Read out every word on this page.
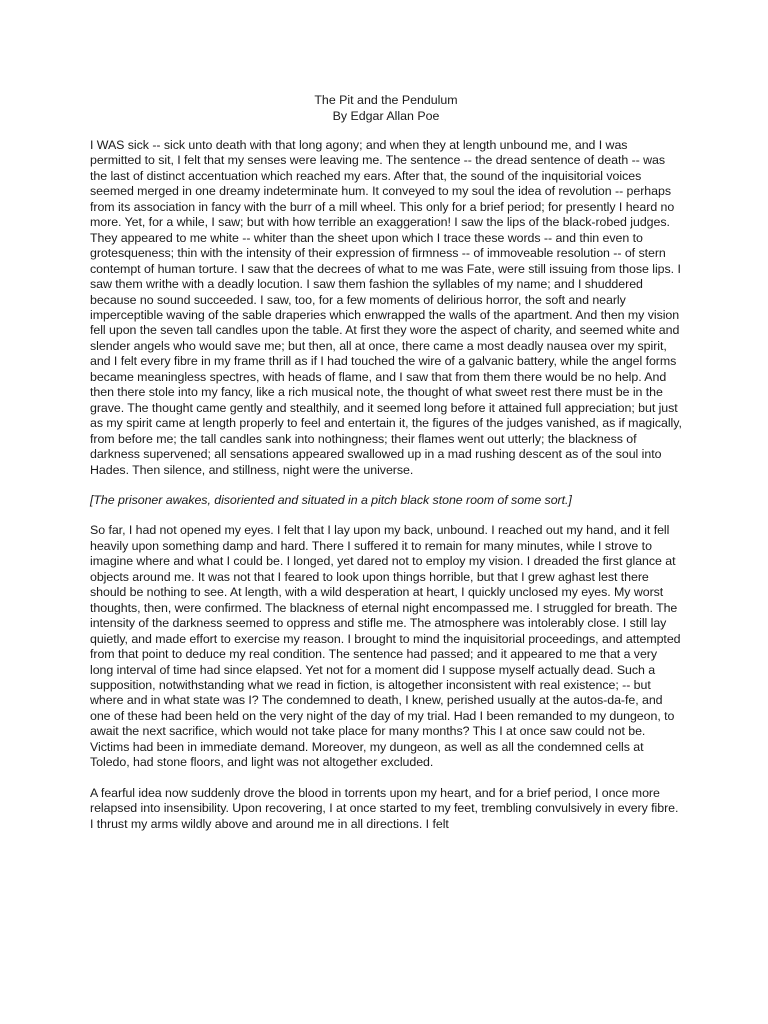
The Pit and the Pendulum
By Edgar Allan Poe

I WAS sick -- sick unto death with that long agony; and when they at length unbound me, and I was permitted to sit, I felt that my senses were leaving me. The sentence -- the dread sentence of death -- was the last of distinct accentuation which reached my ears. After that, the sound of the inquisitorial voices seemed merged in one dreamy indeterminate hum. It conveyed to my soul the idea of revolution -- perhaps from its association in fancy with the burr of a mill wheel. This only for a brief period; for presently I heard no more. Yet, for a while, I saw; but with how terrible an exaggeration! I saw the lips of the black-robed judges. They appeared to me white -- whiter than the sheet upon which I trace these words -- and thin even to grotesqueness; thin with the intensity of their expression of firmness -- of immoveable resolution -- of stern contempt of human torture. I saw that the decrees of what to me was Fate, were still issuing from those lips. I saw them writhe with a deadly locution. I saw them fashion the syllables of my name; and I shuddered because no sound succeeded. I saw, too, for a few moments of delirious horror, the soft and nearly imperceptible waving of the sable draperies which enwrapped the walls of the apartment. And then my vision fell upon the seven tall candles upon the table. At first they wore the aspect of charity, and seemed white and slender angels who would save me; but then, all at once, there came a most deadly nausea over my spirit, and I felt every fibre in my frame thrill as if I had touched the wire of a galvanic battery, while the angel forms became meaningless spectres, with heads of flame, and I saw that from them there would be no help. And then there stole into my fancy, like a rich musical note, the thought of what sweet rest there must be in the grave. The thought came gently and stealthily, and it seemed long before it attained full appreciation; but just as my spirit came at length properly to feel and entertain it, the figures of the judges vanished, as if magically, from before me; the tall candles sank into nothingness; their flames went out utterly; the blackness of darkness supervened; all sensations appeared swallowed up in a mad rushing descent as of the soul into Hades. Then silence, and stillness, night were the universe.

[The prisoner awakes, disoriented and situated in a pitch black stone room of some sort.]

So far, I had not opened my eyes. I felt that I lay upon my back, unbound. I reached out my hand, and it fell heavily upon something damp and hard. There I suffered it to remain for many minutes, while I strove to imagine where and what I could be. I longed, yet dared not to employ my vision. I dreaded the first glance at objects around me. It was not that I feared to look upon things horrible, but that I grew aghast lest there should be nothing to see. At length, with a wild desperation at heart, I quickly unclosed my eyes. My worst thoughts, then, were confirmed. The blackness of eternal night encompassed me. I struggled for breath. The intensity of the darkness seemed to oppress and stifle me. The atmosphere was intolerably close. I still lay quietly, and made effort to exercise my reason. I brought to mind the inquisitorial proceedings, and attempted from that point to deduce my real condition. The sentence had passed; and it appeared to me that a very long interval of time had since elapsed. Yet not for a moment did I suppose myself actually dead. Such a supposition, notwithstanding what we read in fiction, is altogether inconsistent with real existence; -- but where and in what state was I? The condemned to death, I knew, perished usually at the autos-da-fe, and one of these had been held on the very night of the day of my trial. Had I been remanded to my dungeon, to await the next sacrifice, which would not take place for many months? This I at once saw could not be. Victims had been in immediate demand. Moreover, my dungeon, as well as all the condemned cells at Toledo, had stone floors, and light was not altogether excluded.

A fearful idea now suddenly drove the blood in torrents upon my heart, and for a brief period, I once more relapsed into insensibility. Upon recovering, I at once started to my feet, trembling convulsively in every fibre. I thrust my arms wildly above and around me in all directions. I felt
